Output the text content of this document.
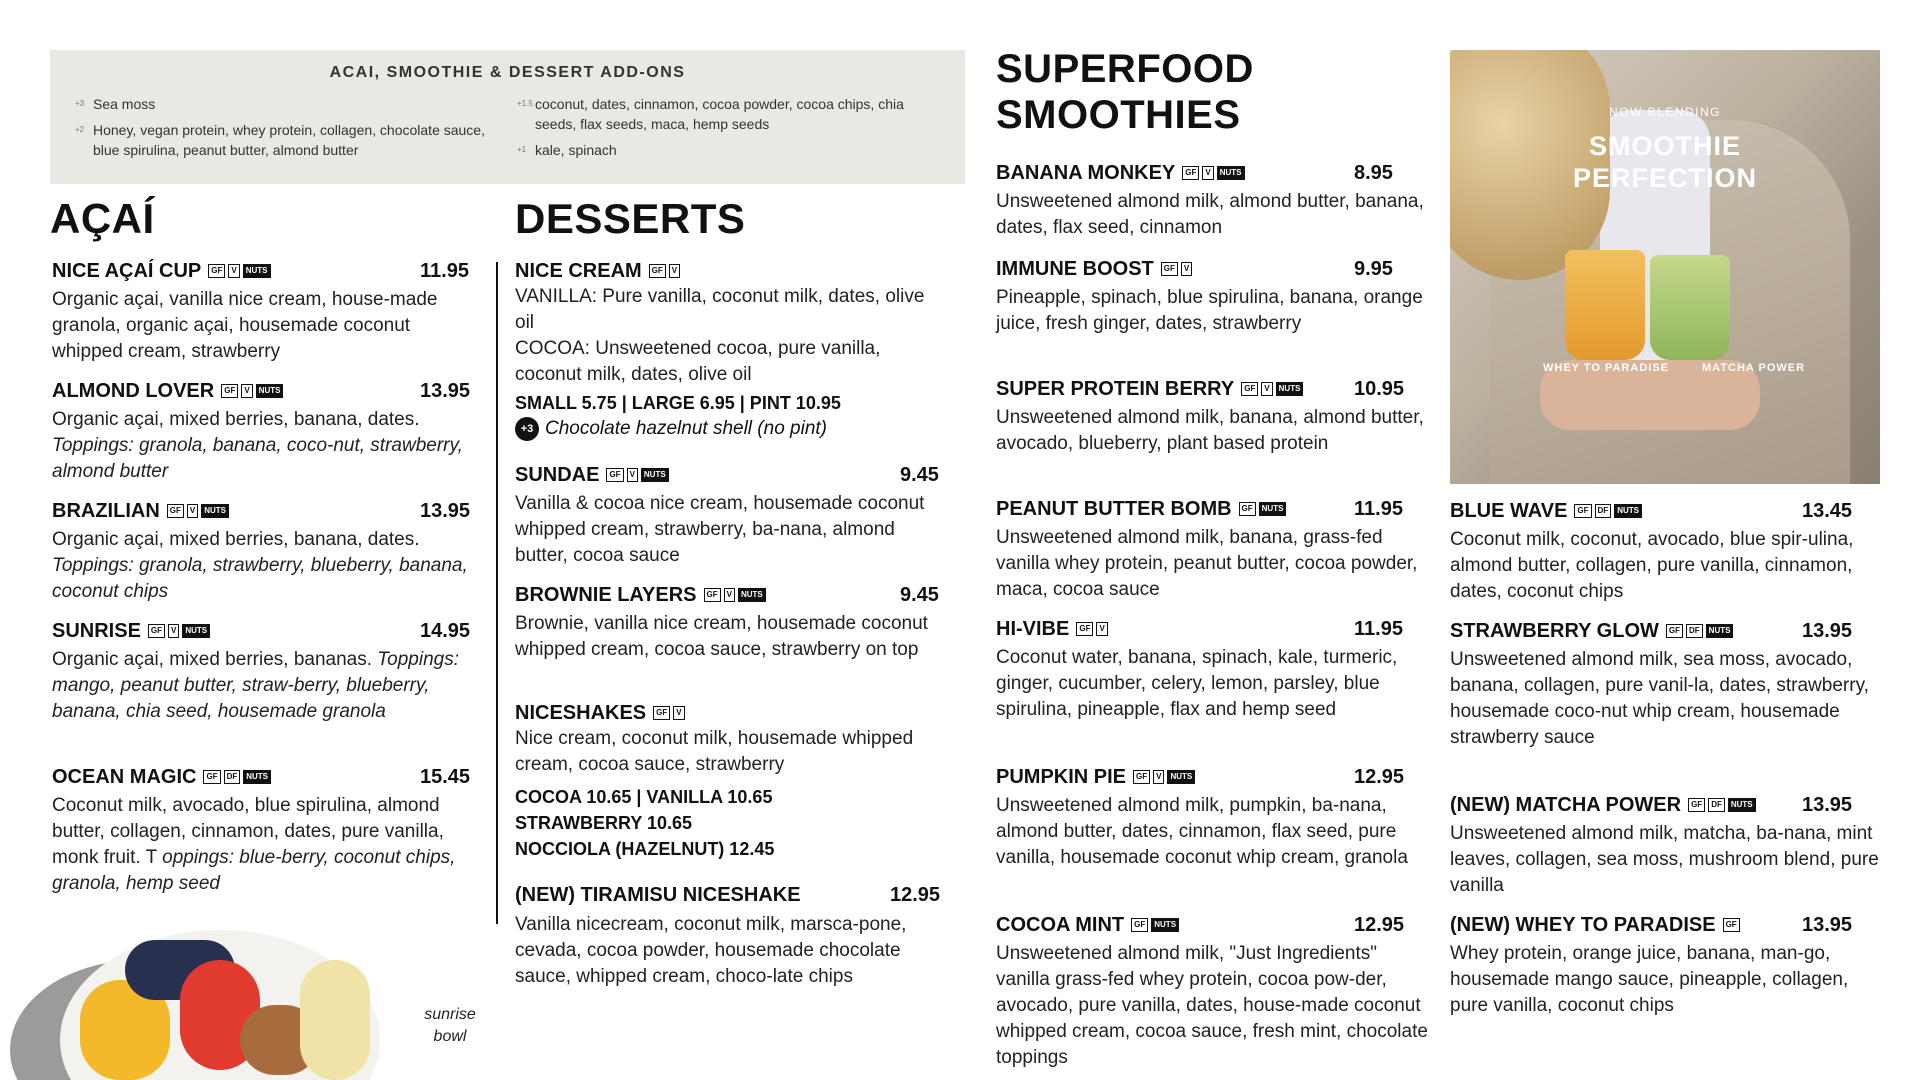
ACAI, SMOOTHIE & DESSERT ADD-ONS
+3 Sea moss
+2 Honey, vegan protein, whey protein, collagen, chocolate sauce, blue spirulina, peanut butter, almond butter
+1.5 coconut, dates, cinnamon, cocoa powder, cocoa chips, chia seeds, flax seeds, maca, hemp seeds
+1 kale, spinach
AÇAÍ
NICE AÇAÍ CUP	GF	V	NUTS	11.95
Organic açai, vanilla nice cream, house-made granola, organic açai, housemade coconut whipped cream, strawberry
ALMOND LOVER	GF	V	NUTS	13.95
Organic açai, mixed berries, banana, dates. Toppings: granola, banana, coco-nut, strawberry, almond butter
BRAZILIAN	GF	V	NUTS	13.95
Organic açai, mixed berries, banana, dates. Toppings: granola, strawberry, blueberry, banana, coconut chips
SUNRISE	GF	V	NUTS	14.95
Organic açai, mixed berries, bananas. Toppings: mango, peanut butter, straw-berry, blueberry, banana, chia seed, housemade granola
OCEAN MAGIC	GF	DF	NUTS	15.45
Coconut milk, avocado, blue spirulina, almond butter, collagen, cinnamon, dates, pure vanilla, monk fruit. T oppings: blue-berry, coconut chips, granola, hemp seed
sunrise bowl
DESSERTS
NICE CREAM	GF	V
VANILLA: Pure vanilla, coconut milk, dates, olive oil
COCOA: Unsweetened cocoa, pure vanilla, coconut milk, dates, olive oil
SMALL 5.75 | LARGE 6.95 | PINT 10.95
+3 Chocolate hazelnut shell (no pint)
SUNDAE	GF	V	NUTS	9.45
Vanilla & cocoa nice cream, housemade coconut whipped cream, strawberry, ba-nana, almond butter, cocoa sauce
BROWNIE LAYERS	GF	V	NUTS	9.45
Brownie, vanilla nice cream, housemade coconut whipped cream, cocoa sauce, strawberry on top
NICESHAKES	GF	V
Nice cream, coconut milk, housemade whipped cream, cocoa sauce, strawberry
COCOA 10.65 | VANILLA 10.65
STRAWBERRY 10.65
NOCCIOLA (HAZELNUT) 12.45
(NEW) TIRAMISU NICESHAKE	12.95
Vanilla nicecream, coconut milk, marsca-pone, cevada, cocoa powder, housemade chocolate sauce, whipped cream, choco-late chips
SUPERFOOD
SMOOTHIES
BANANA MONKEY	GF	V	NUTS	8.95
Unsweetened almond milk, almond butter, banana, dates, flax seed, cinnamon
IMMUNE BOOST	GF	V	9.95
Pineapple, spinach, blue spirulina, banana, orange juice, fresh ginger, dates, strawberry
SUPER PROTEIN BERRY	GF	V	NUTS	10.95
Unsweetened almond milk, banana, almond butter, avocado, blueberry, plant based protein
PEANUT BUTTER BOMB	GF	NUTS	11.95
Unsweetened almond milk, banana, grass-fed vanilla whey protein, peanut butter, cocoa powder, maca, cocoa sauce
HI-VIBE	GF	V	11.95
Coconut water, banana, spinach, kale, turmeric, ginger, cucumber, celery, lemon, parsley, blue spirulina, pineapple, flax and hemp seed
PUMPKIN PIE	GF	V	NUTS	12.95
Unsweetened almond milk, pumpkin, ba-nana, almond butter, dates, cinnamon, flax seed, pure vanilla, housemade coconut whip cream, granola
COCOA MINT	GF	NUTS	12.95
Unsweetened almond milk, "Just Ingredients" vanilla grass-fed whey protein, cocoa pow-der, avocado, pure vanilla, dates, house-made coconut whipped cream, cocoa sauce, fresh mint, chocolate toppings
BLUE WAVE	GF	DF	NUTS	13.45
Coconut milk, coconut, avocado, blue spir-ulina, almond butter, collagen, pure vanilla, cinnamon, dates, coconut chips
STRAWBERRY GLOW	GF	DF	NUTS	13.95
Unsweetened almond milk, sea moss, avocado, banana, collagen, pure vanil-la, dates, strawberry, housemade coco-nut whip cream, housemade strawberry sauce
(NEW) MATCHA POWER	GF	DF	NUTS 13.95
Unsweetened almond milk, matcha, ba-nana, mint leaves, collagen, sea moss, mushroom blend, pure vanilla
(NEW) WHEY TO PARADISE	GF	13.95
Whey protein, orange juice, banana, man-go, housemade mango sauce, pineapple, collagen, pure vanilla, coconut chips
NOW BLENDING
SMOOTHIE
PERFECTION
WHEY TO PARADISE	MATCHA POWER
